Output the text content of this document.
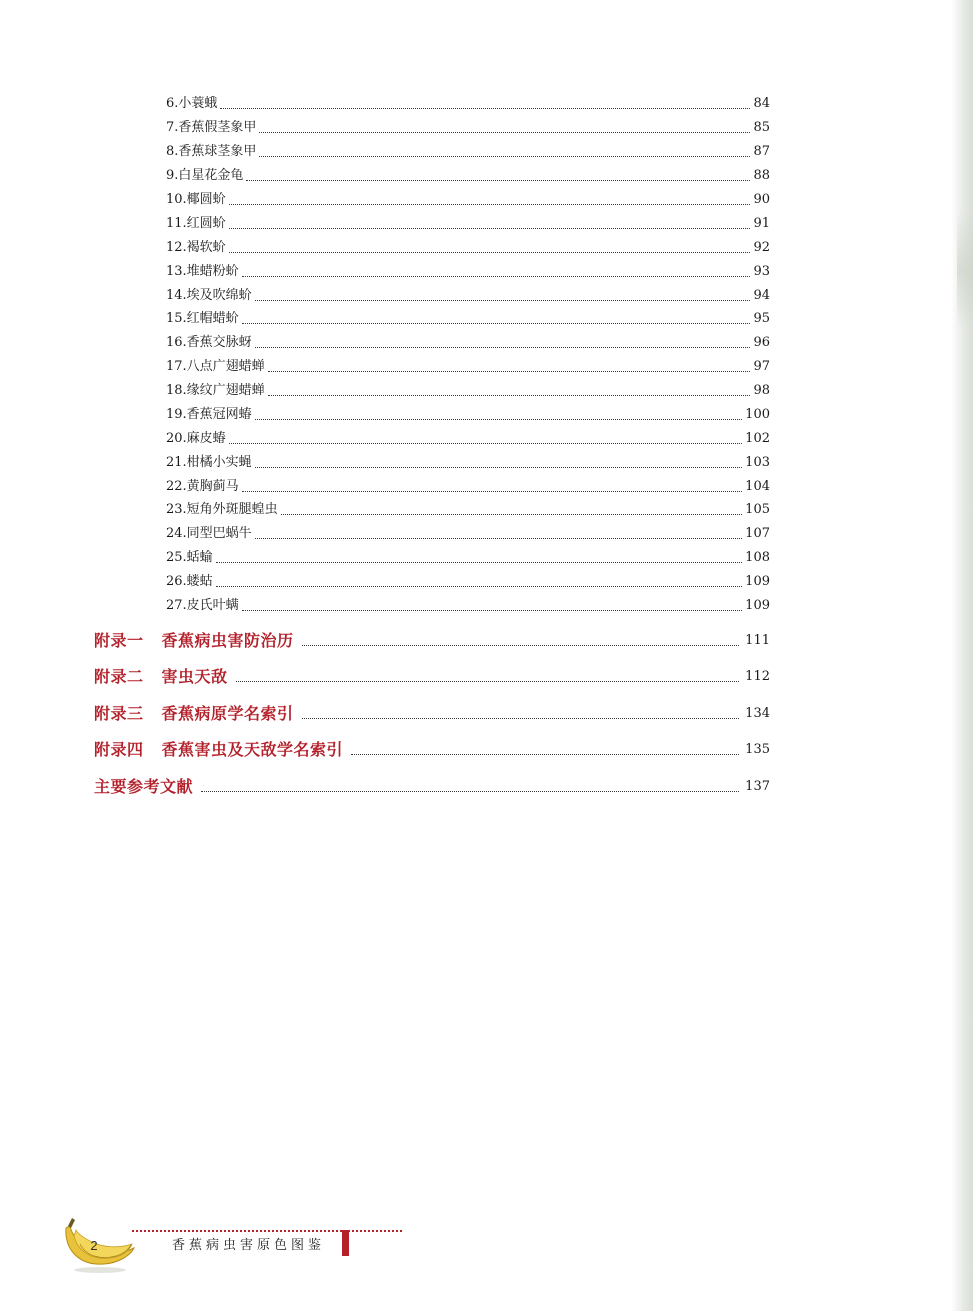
6.小蓑蛾	84
7.香蕉假茎象甲	85
8.香蕉球茎象甲	87
9.白星花金龟	88
10.椰圆蚧	90
11.红圆蚧	91
12.褐软蚧	92
13.堆蜡粉蚧	93
14.埃及吹绵蚧	94
15.红帽蜡蚧	95
16.香蕉交脉蚜	96
17.八点广翅蜡蝉	97
18.缘纹广翅蜡蝉	98
19.香蕉冠网蝽	100
20.麻皮蝽	102
21.柑橘小实蝇	103
22.黄胸蓟马	104
23.短角外斑腿蝗虫	105
24.同型巴蜗牛	107
25.蛞蝓	108
26.蝼蛄	109
27.皮氏叶螨	109
附录一 香蕉病虫害防治历	111
附录二 害虫天敌	112
附录三 香蕉病原学名索引	134
附录四 香蕉害虫及天敌学名索引	135
主要参考文献	137
2	香蕉病虫害原色图鉴
